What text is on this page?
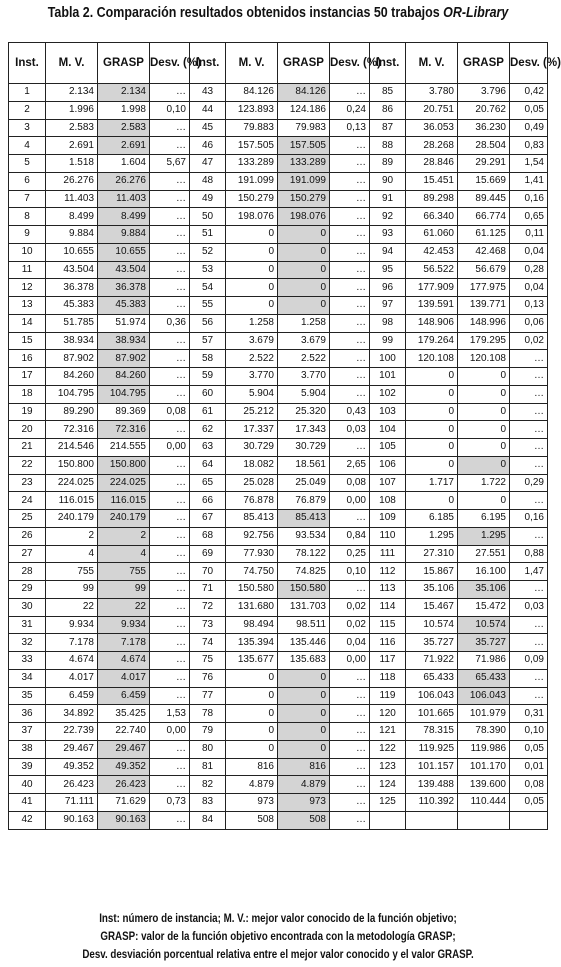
Tabla 2. Comparación resultados obtenidos instancias 50 trabajos OR-Library
Inst.	M. V.	GRASP	Desv. (%)	Inst.	M. V.	GRASP	Desv. (%)	Inst.	M. V.	GRASP	Desv. (%)
1	2.134	2.134	…	43	84.126	84.126	…	85	3.780	3.796	0,42
2	1.996	1.998	0,10	44	123.893	124.186	0,24	86	20.751	20.762	0,05
3	2.583	2.583	…	45	79.883	79.983	0,13	87	36.053	36.230	0,49
4	2.691	2.691	…	46	157.505	157.505	…	88	28.268	28.504	0,83
5	1.518	1.604	5,67	47	133.289	133.289	…	89	28.846	29.291	1,54
6	26.276	26.276	…	48	191.099	191.099	…	90	15.451	15.669	1,41
7	11.403	11.403	…	49	150.279	150.279	…	91	89.298	89.445	0,16
8	8.499	8.499	…	50	198.076	198.076	…	92	66.340	66.774	0,65
9	9.884	9.884	…	51	0	0	…	93	61.060	61.125	0,11
10	10.655	10.655	…	52	0	0	…	94	42.453	42.468	0,04
11	43.504	43.504	…	53	0	0	…	95	56.522	56.679	0,28
12	36.378	36.378	…	54	0	0	…	96	177.909	177.975	0,04
13	45.383	45.383	…	55	0	0	…	97	139.591	139.771	0,13
14	51.785	51.974	0,36	56	1.258	1.258	…	98	148.906	148.996	0,06
15	38.934	38.934	…	57	3.679	3.679	…	99	179.264	179.295	0,02
16	87.902	87.902	…	58	2.522	2.522	…	100	120.108	120.108	…
17	84.260	84.260	…	59	3.770	3.770	…	101	0	0	…
18	104.795	104.795	…	60	5.904	5.904	…	102	0	0	…
19	89.290	89.369	0,08	61	25.212	25.320	0,43	103	0	0	…
20	72.316	72.316	…	62	17.337	17.343	0,03	104	0	0	…
21	214.546	214.555	0,00	63	30.729	30.729	…	105	0	0	…
22	150.800	150.800	…	64	18.082	18.561	2,65	106	0	0	…
23	224.025	224.025	…	65	25.028	25.049	0,08	107	1.717	1.722	0,29
24	116.015	116.015	…	66	76.878	76.879	0,00	108	0	0	…
25	240.179	240.179	…	67	85.413	85.413	…	109	6.185	6.195	0,16
26	2	2	…	68	92.756	93.534	0,84	110	1.295	1.295	…
27	4	4	…	69	77.930	78.122	0,25	111	27.310	27.551	0,88
28	755	755	…	70	74.750	74.825	0,10	112	15.867	16.100	1,47
29	99	99	…	71	150.580	150.580	…	113	35.106	35.106	…
30	22	22	…	72	131.680	131.703	0,02	114	15.467	15.472	0,03
31	9.934	9.934	…	73	98.494	98.511	0,02	115	10.574	10.574	…
32	7.178	7.178	…	74	135.394	135.446	0,04	116	35.727	35.727	…
33	4.674	4.674	…	75	135.677	135.683	0,00	117	71.922	71.986	0,09
34	4.017	4.017	…	76	0	0	…	118	65.433	65.433	…
35	6.459	6.459	…	77	0	0	…	119	106.043	106.043	…
36	34.892	35.425	1,53	78	0	0	…	120	101.665	101.979	0,31
37	22.739	22.740	0,00	79	0	0	…	121	78.315	78.390	0,10
38	29.467	29.467	…	80	0	0	…	122	119.925	119.986	0,05
39	49.352	49.352	…	81	816	816	…	123	101.157	101.170	0,01
40	26.423	26.423	…	82	4.879	4.879	…	124	139.488	139.600	0,08
41	71.111	71.629	0,73	83	973	973	…	125	110.392	110.444	0,05
42	90.163	90.163	…	84	508	508	…				
Inst: número de instancia; M. V.: mejor valor conocido de la función objetivo;
GRASP: valor de la función objetivo encontrada con la metodología GRASP;
Desv. desviación porcentual relativa entre el mejor valor conocido y el valor GRASP.
